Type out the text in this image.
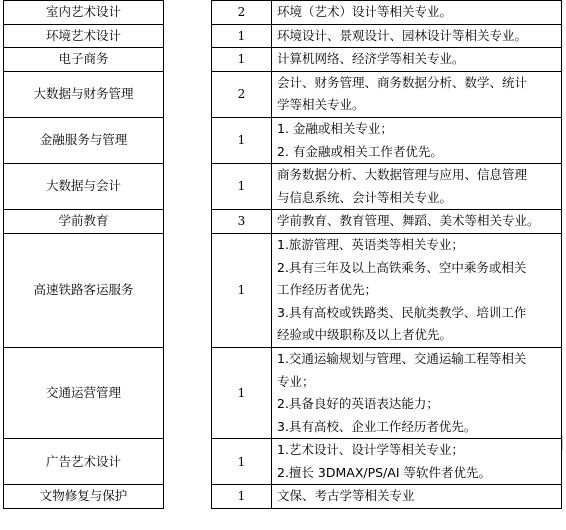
室内艺术设计		2	环境（艺术）设计等相关专业。

环境艺术设计		1	环境设计、景观设计、园林设计等相关专业。

电子商务		1	计算机网络、经济学等相关专业。

大数据与财务管理		2	会计、财务管理、商务数据分析、数学、统计
学等相关专业。

金融服务与管理		1	1. 金融或相关专业；
2. 有金融或相关工作者优先。

大数据与会计		1	商务数据分析、大数据管理与应用、信息管理
与信息系统、会计等相关专业。

学前教育		3	学前教育、教育管理、舞蹈、美术等相关专业。

高速铁路客运服务		1	1.旅游管理、英语类等相关专业；
2.具有三年及以上高铁乘务、空中乘务或相关
工作经历者优先；
3.具有高校或铁路类、民航类教学、培训工作
经验或中级职称及以上者优先。

交通运营管理		1	1.交通运输规划与管理、交通运输工程等相关
专业；
2.具备良好的英语表达能力；
3.具有高校、企业工作经历者优先。

广告艺术设计		1	1.艺术设计、设计学等相关专业；
2.擅长 3DMAX/PS/AI 等软件者优先。

文物修复与保护		1	文保、考古学等相关专业
